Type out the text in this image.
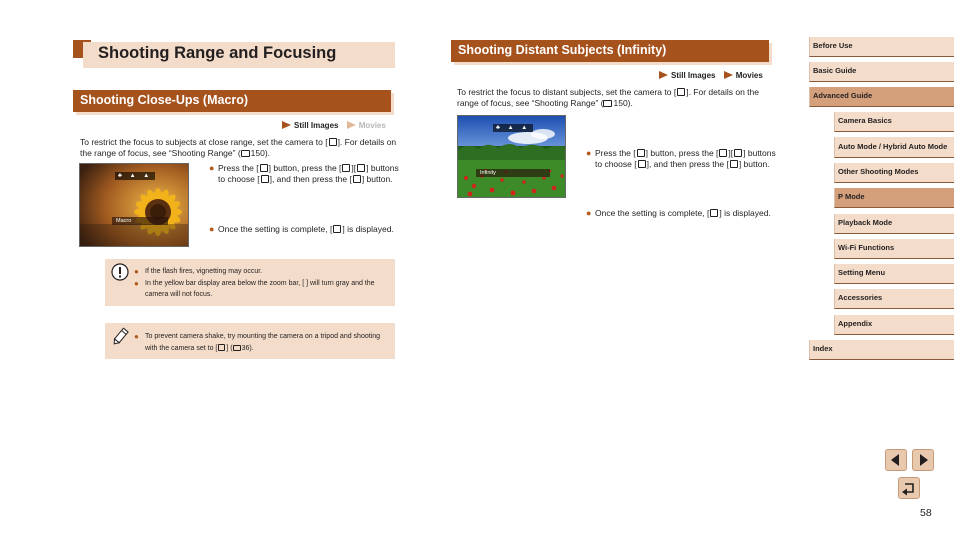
Shooting Range and Focusing
Shooting Close-Ups (Macro)
Still Images	Movies
To restrict the focus to subjects at close range, set the camera to [ ]. For details on the range of focus, see “Shooting Range” ( 150).
♣ ▲ ▲
Macro
● Press the [ ] button, press the [ ][ ] buttons to choose [ ], and then press the [ ] button.
● Once the setting is complete, [ ] is displayed.
● If the flash fires, vignetting may occur.
● In the yellow bar display area below the zoom bar, [ ] will turn gray and the camera will not focus.
● To prevent camera shake, try mounting the camera on a tripod and shooting with the camera set to [ ] ( 36).
Shooting Distant Subjects (Infinity)
Still Images	Movies
To restrict the focus to distant subjects, set the camera to [ ]. For details on the range of focus, see “Shooting Range” ( 150).
♣ ▲ ▲
Infinity
● Press the [ ] button, press the [ ][ ] buttons to choose [ ], and then press the [ ] button.
● Once the setting is complete, [ ] is displayed.
Before Use
Basic Guide
Advanced Guide
Camera Basics
Auto Mode / Hybrid Auto Mode
Other Shooting Modes
P Mode
Playback Mode
Wi-Fi Functions
Setting Menu
Accessories
Appendix
Index
58
